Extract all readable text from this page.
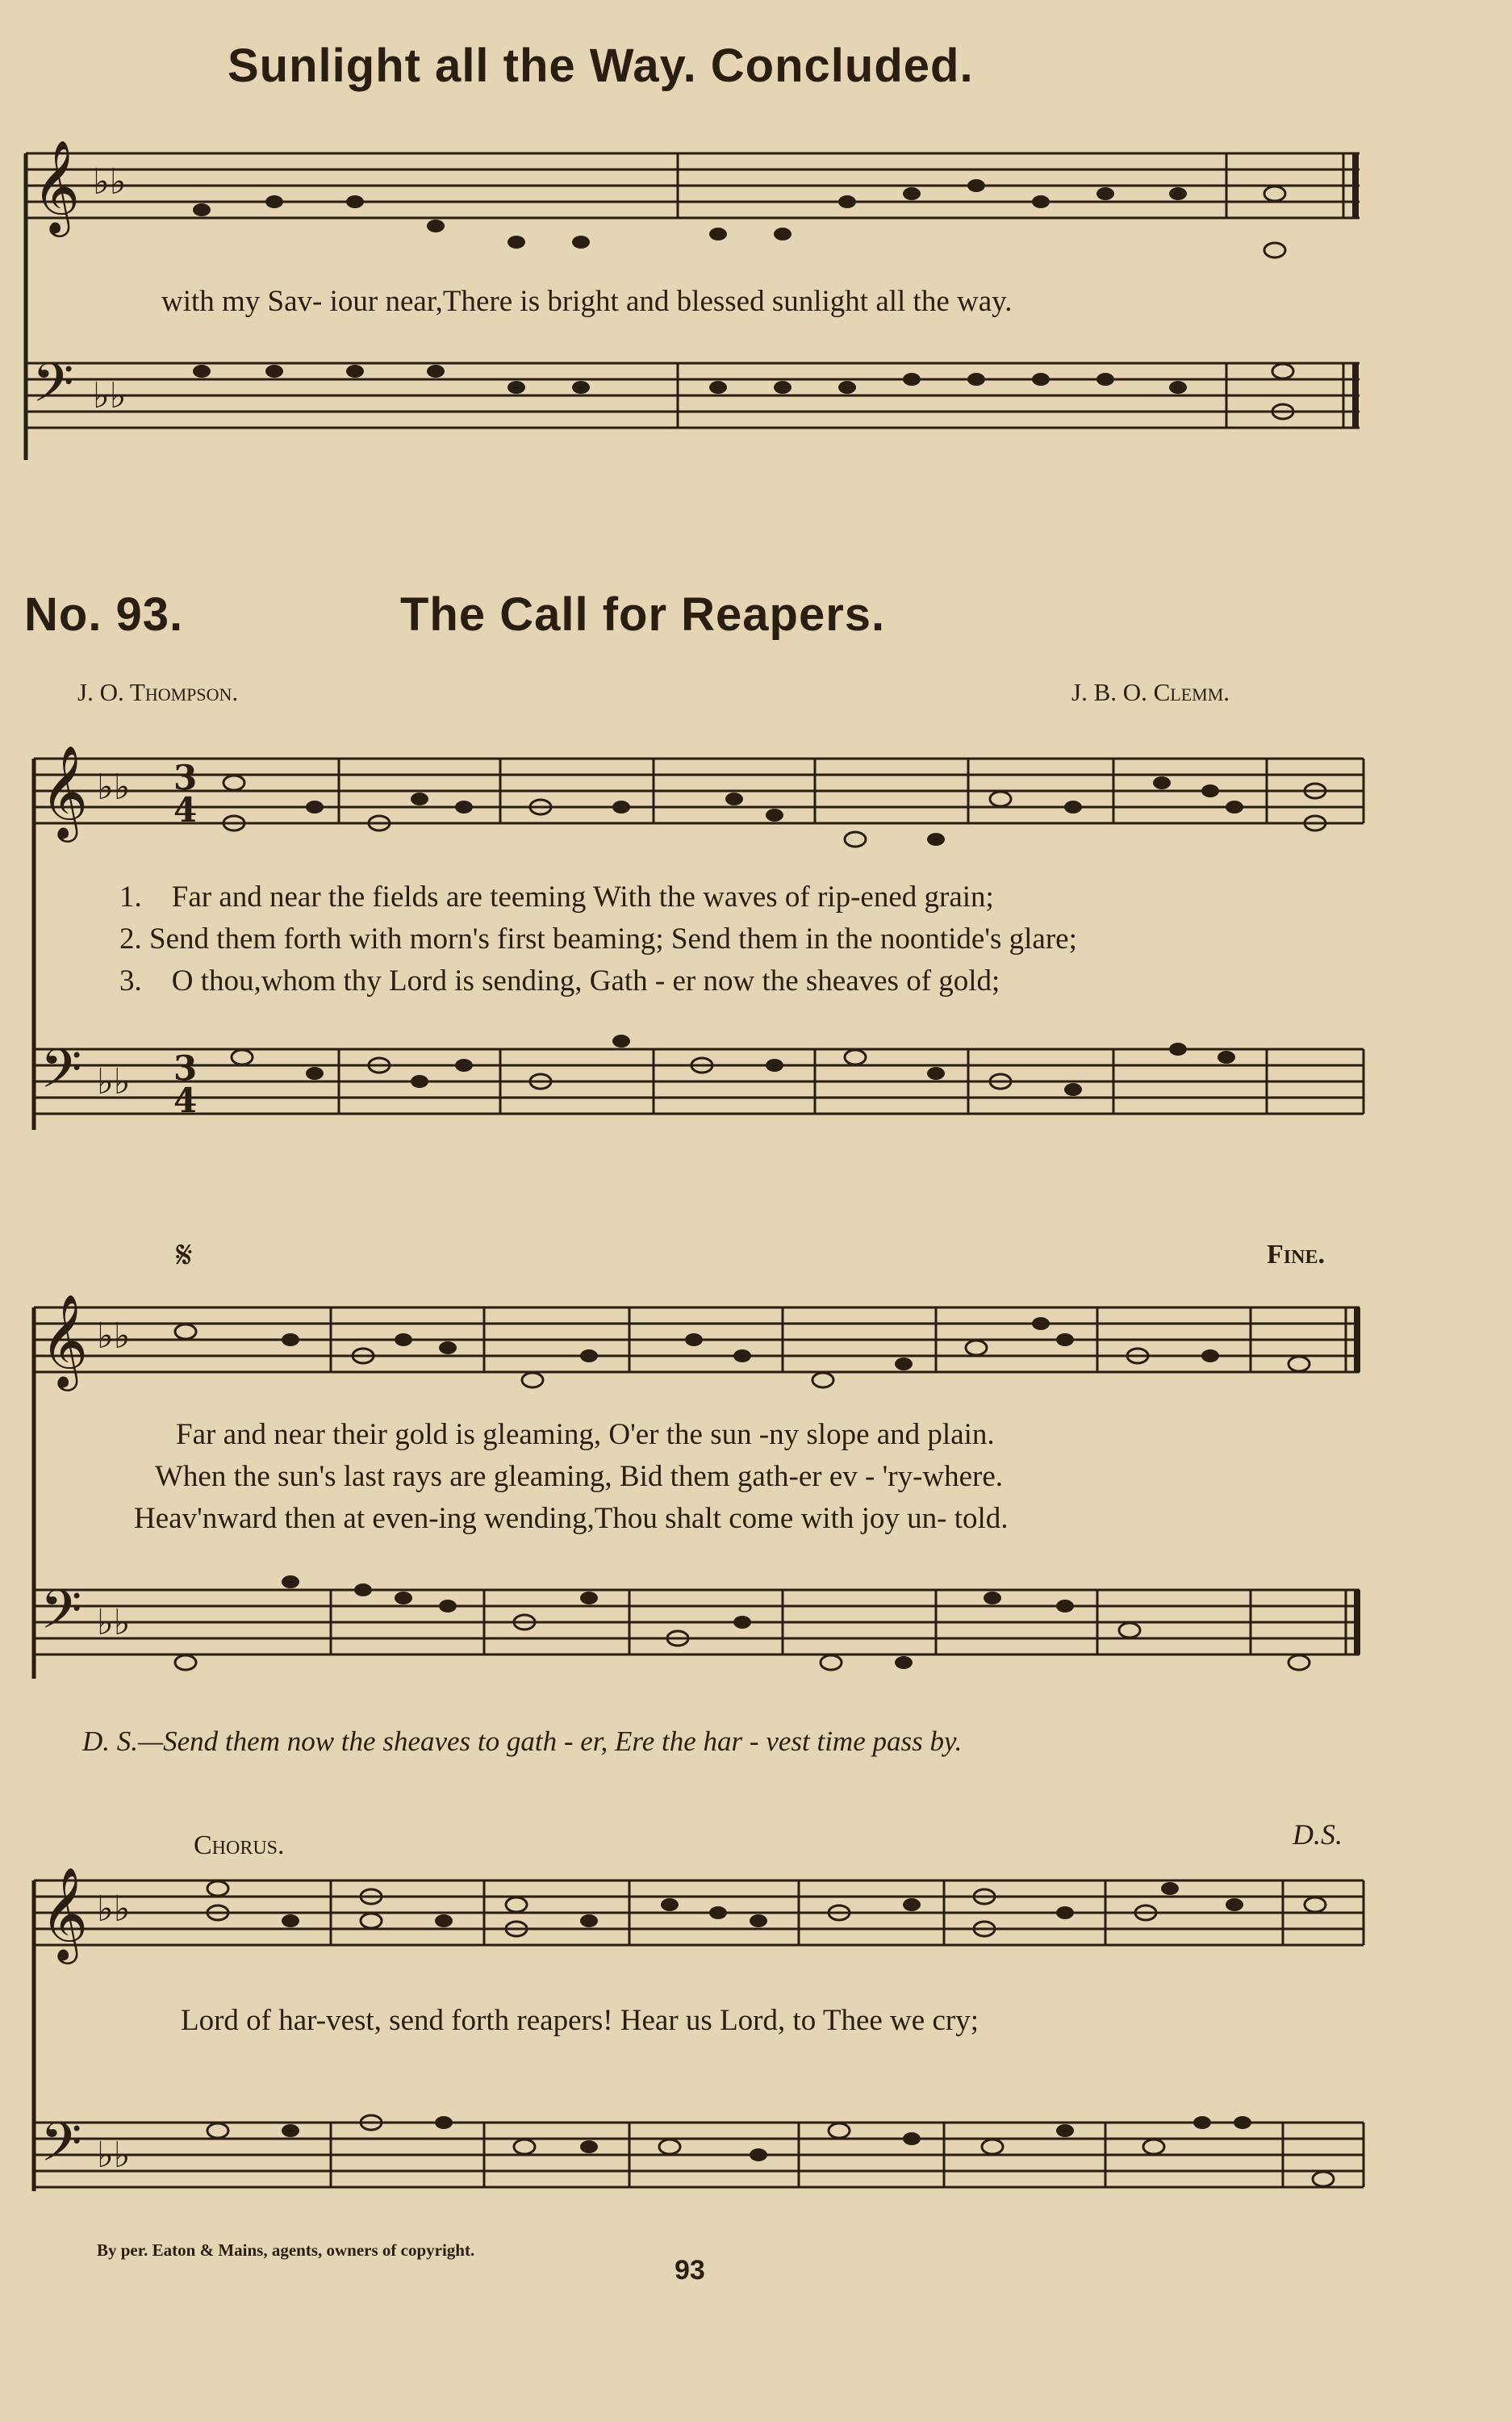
Sunlight all the Way. Concluded.
𝄞
𝄢
♭♭
♭♭
with my Sav- iour near,There is bright and blessed sunlight all the way.
No. 93.	The Call for Reapers.
J. O. Thompson.	J. B. O. Clemm.
𝄞
𝄢
♭♭
♭♭
3
4
3
4
1. Far and near the fields are teeming With the waves of rip-ened grain;
2. Send them forth with morn's first beaming; Send them in the noontide's glare;
3. O thou,whom thy Lord is sending, Gath - er now the sheaves of gold;
𝄋	Fine.
𝄞
𝄢
♭♭
♭♭
Far and near their gold is gleaming, O'er the sun -ny slope and plain.
When the sun's last rays are gleaming, Bid them gath-er ev - 'ry-where.
Heav'nward then at even-ing wending,Thou shalt come with joy un- told.
D. S.—Send them now the sheaves to gath - er, Ere the har - vest time pass by.
Chorus.	D.S.
𝄞
𝄢
♭♭
♭♭
Lord of har-vest, send forth reapers! Hear us Lord, to Thee we cry;
By per. Eaton & Mains, agents, owners of copyright.
93
